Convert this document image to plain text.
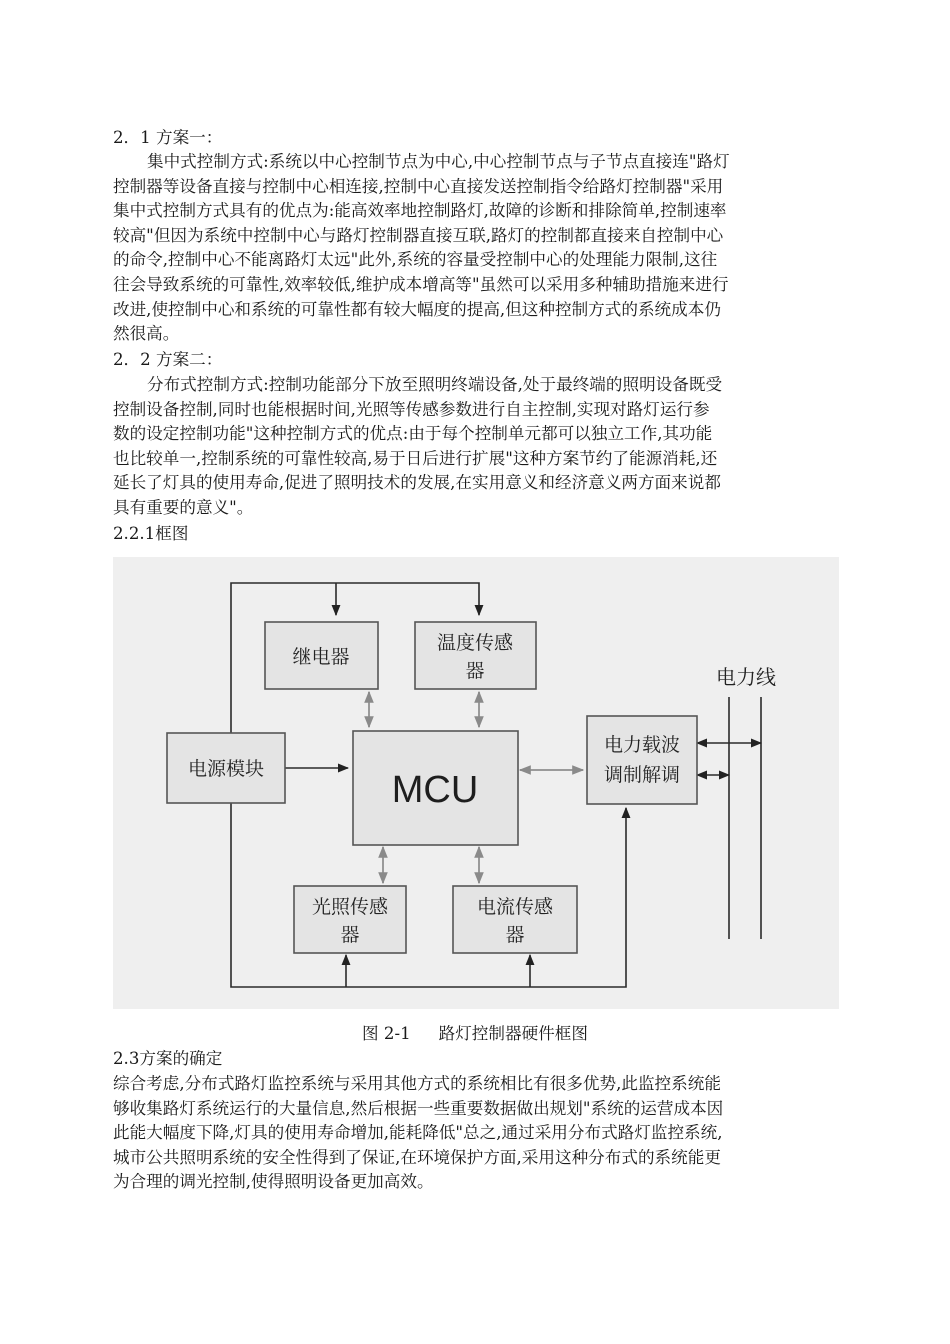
2．1 方案一：
集中式控制方式:系统以中心控制节点为中心,中心控制节点与子节点直接连"路灯
控制器等设备直接与控制中心相连接,控制中心直接发送控制指令给路灯控制器"采用
集中式控制方式具有的优点为:能高效率地控制路灯,故障的诊断和排除简单,控制速率
较高"但因为系统中控制中心与路灯控制器直接互联,路灯的控制都直接来自控制中心
的命令,控制中心不能离路灯太远"此外,系统的容量受控制中心的处理能力限制,这往
往会导致系统的可靠性,效率较低,维护成本增高等"虽然可以采用多种辅助措施来进行
改进,使控制中心和系统的可靠性都有较大幅度的提高,但这种控制方式的系统成本仍
然很高。
2．2 方案二：
分布式控制方式:控制功能部分下放至照明终端设备,处于最终端的照明设备既受
控制设备控制,同时也能根据时间,光照等传感参数进行自主控制,实现对路灯运行参
数的设定控制功能"这种控制方式的优点:由于每个控制单元都可以独立工作,其功能
也比较单一,控制系统的可靠性较高,易于日后进行扩展"这种方案节约了能源消耗,还
延长了灯具的使用寿命,促进了照明技术的发展,在实用意义和经济意义两方面来说都
具有重要的意义"。
2.2.1框图
继电器
温度传感
器
电源模块	MCU
电力载波
调制解调
光照传感
器
电流传感
器
电力线
图 2-1 路灯控制器硬件框图
2.3方案的确定
综合考虑,分布式路灯监控系统与采用其他方式的系统相比有很多优势,此监控系统能
够收集路灯系统运行的大量信息,然后根据一些重要数据做出规划"系统的运营成本因
此能大幅度下降,灯具的使用寿命增加,能耗降低"总之,通过采用分布式路灯监控系统,
城市公共照明系统的安全性得到了保证,在环境保护方面,采用这种分布式的系统能更
为合理的调光控制,使得照明设备更加高效。
